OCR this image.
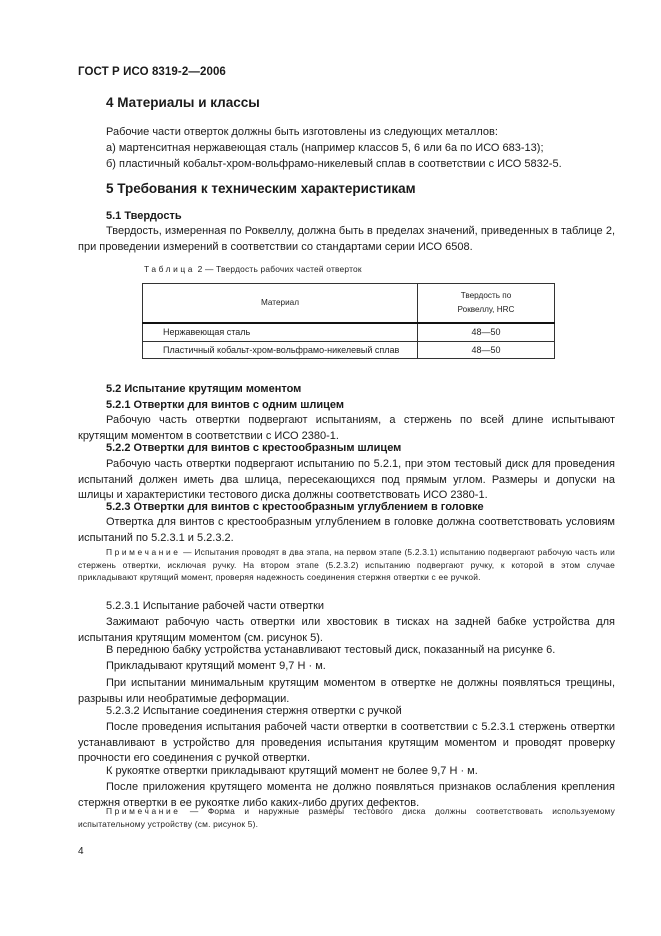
ГОСТ Р ИСО 8319-2—2006
4 Материалы и классы
Рабочие части отверток должны быть изготовлены из следующих металлов:
а) мартенситная нержавеющая сталь (например классов 5, 6 или 6а по ИСО 683-13);
б) пластичный кобальт-хром-вольфрамо-никелевый сплав в соответствии с ИСО 5832-5.
5 Требования к техническим характеристикам
5.1 Твердость
Твердость, измеренная по Роквеллу, должна быть в пределах значений, приведенных в таблице 2, при проведении измерений в соответствии со стандартами серии ИСО 6508.
Таблица 2 — Твердость рабочих частей отверток
Материал	Твердость по Роквеллу, HRC
Нержавеющая сталь	48—50
Пластичный кобальт-хром-вольфрамо-никелевый сплав	48—50
5.2 Испытание крутящим моментом
5.2.1 Отвертки для винтов с одним шлицем
Рабочую часть отвертки подвергают испытаниям, а стержень по всей длине испытывают крутящим моментом в соответствии с ИСО 2380-1.
5.2.2 Отвертки для винтов с крестообразным шлицем
Рабочую часть отвертки подвергают испытанию по 5.2.1, при этом тестовый диск для проведения испытаний должен иметь два шлица, пересекающихся под прямым углом. Размеры и допуски на шлицы и характеристики тестового диска должны соответствовать ИСО 2380-1.
5.2.3 Отвертки для винтов с крестообразным углублением в головке
Отвертка для винтов с крестообразным углублением в головке должна соответствовать условиям испытаний по 5.2.3.1 и 5.2.3.2.
Примечание — Испытания проводят в два этапа, на первом этапе (5.2.3.1) испытанию подвергают рабочую часть или стержень отвертки, исключая ручку. На втором этапе (5.2.3.2) испытанию подвергают ручку, к которой в этом случае прикладывают крутящий момент, проверяя надежность соединения стержня отвертки с ее ручкой.
5.2.3.1 Испытание рабочей части отвертки
Зажимают рабочую часть отвертки или хвостовик в тисках на задней бабке устройства для испытания крутящим моментом (см. рисунок 5).
В переднюю бабку устройства устанавливают тестовый диск, показанный на рисунке 6.
Прикладывают крутящий момент 9,7 Н · м.
При испытании минимальным крутящим моментом в отвертке не должны появляться трещины, разрывы или необратимые деформации.
5.2.3.2 Испытание соединения стержня отвертки с ручкой
После проведения испытания рабочей части отвертки в соответствии с 5.2.3.1 стержень отвертки устанавливают в устройство для проведения испытания крутящим моментом и проводят проверку прочности его соединения с ручкой отвертки.
К рукоятке отвертки прикладывают крутящий момент не более 9,7 Н · м.
После приложения крутящего момента не должно появляться признаков ослабления крепления стержня отвертки в ее рукоятке либо каких-либо других дефектов.
Примечание — Форма и наружные размеры тестового диска должны соответствовать используемому испытательному устройству (см. рисунок 5).
4
